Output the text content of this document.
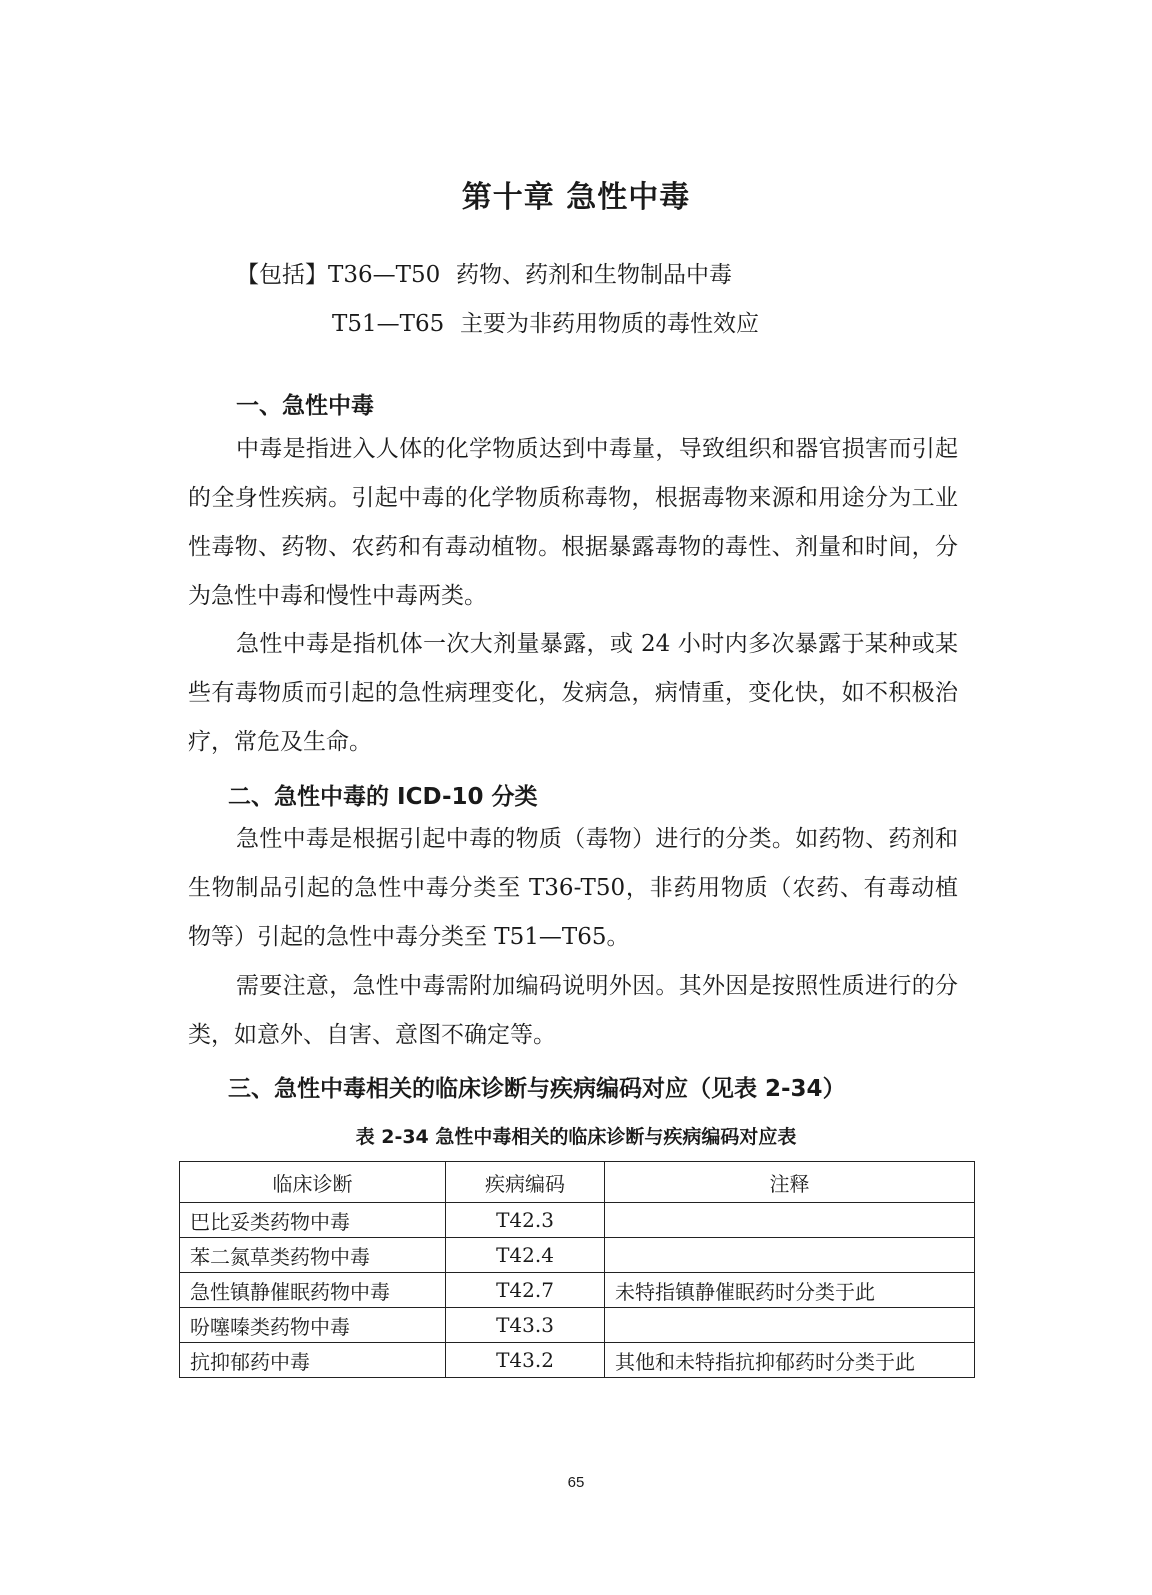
第十章 急性中毒
【包括】T36—T50 药物、药剂和生物制品中毒
T51—T65 主要为非药用物质的毒性效应
一、急性中毒

中毒是指进入人体的化学物质达到中毒量，导致组织和器官损害而引起的全身性疾病。引起中毒的化学物质称毒物，根据毒物来源和用途分为工业性毒物、药物、农药和有毒动植物。根据暴露毒物的毒性、剂量和时间，分为急性中毒和慢性中毒两类。

急性中毒是指机体一次大剂量暴露，或 24 小时内多次暴露于某种或某些有毒物质而引起的急性病理变化，发病急，病情重，变化快，如不积极治疗，常危及生命。

二、急性中毒的 ICD-10 分类

急性中毒是根据引起中毒的物质（毒物）进行的分类。如药物、药剂和生物制品引起的急性中毒分类至 T36-T50，非药用物质（农药、有毒动植物等）引起的急性中毒分类至 T51—T65。

需要注意，急性中毒需附加编码说明外因。其外因是按照性质进行的分类，如意外、自害、意图不确定等。

三、急性中毒相关的临床诊断与疾病编码对应（见表 2-34）
表 2-34 急性中毒相关的临床诊断与疾病编码对应表
临床诊断	疾病编码	注释
巴比妥类药物中毒	T42.3	
苯二氮草类药物中毒	T42.4	
急性镇静催眠药物中毒	T42.7	未特指镇静催眠药时分类于此
吩噻嗪类药物中毒	T43.3	
抗抑郁药中毒	T43.2	其他和未特指抗抑郁药时分类于此
65
